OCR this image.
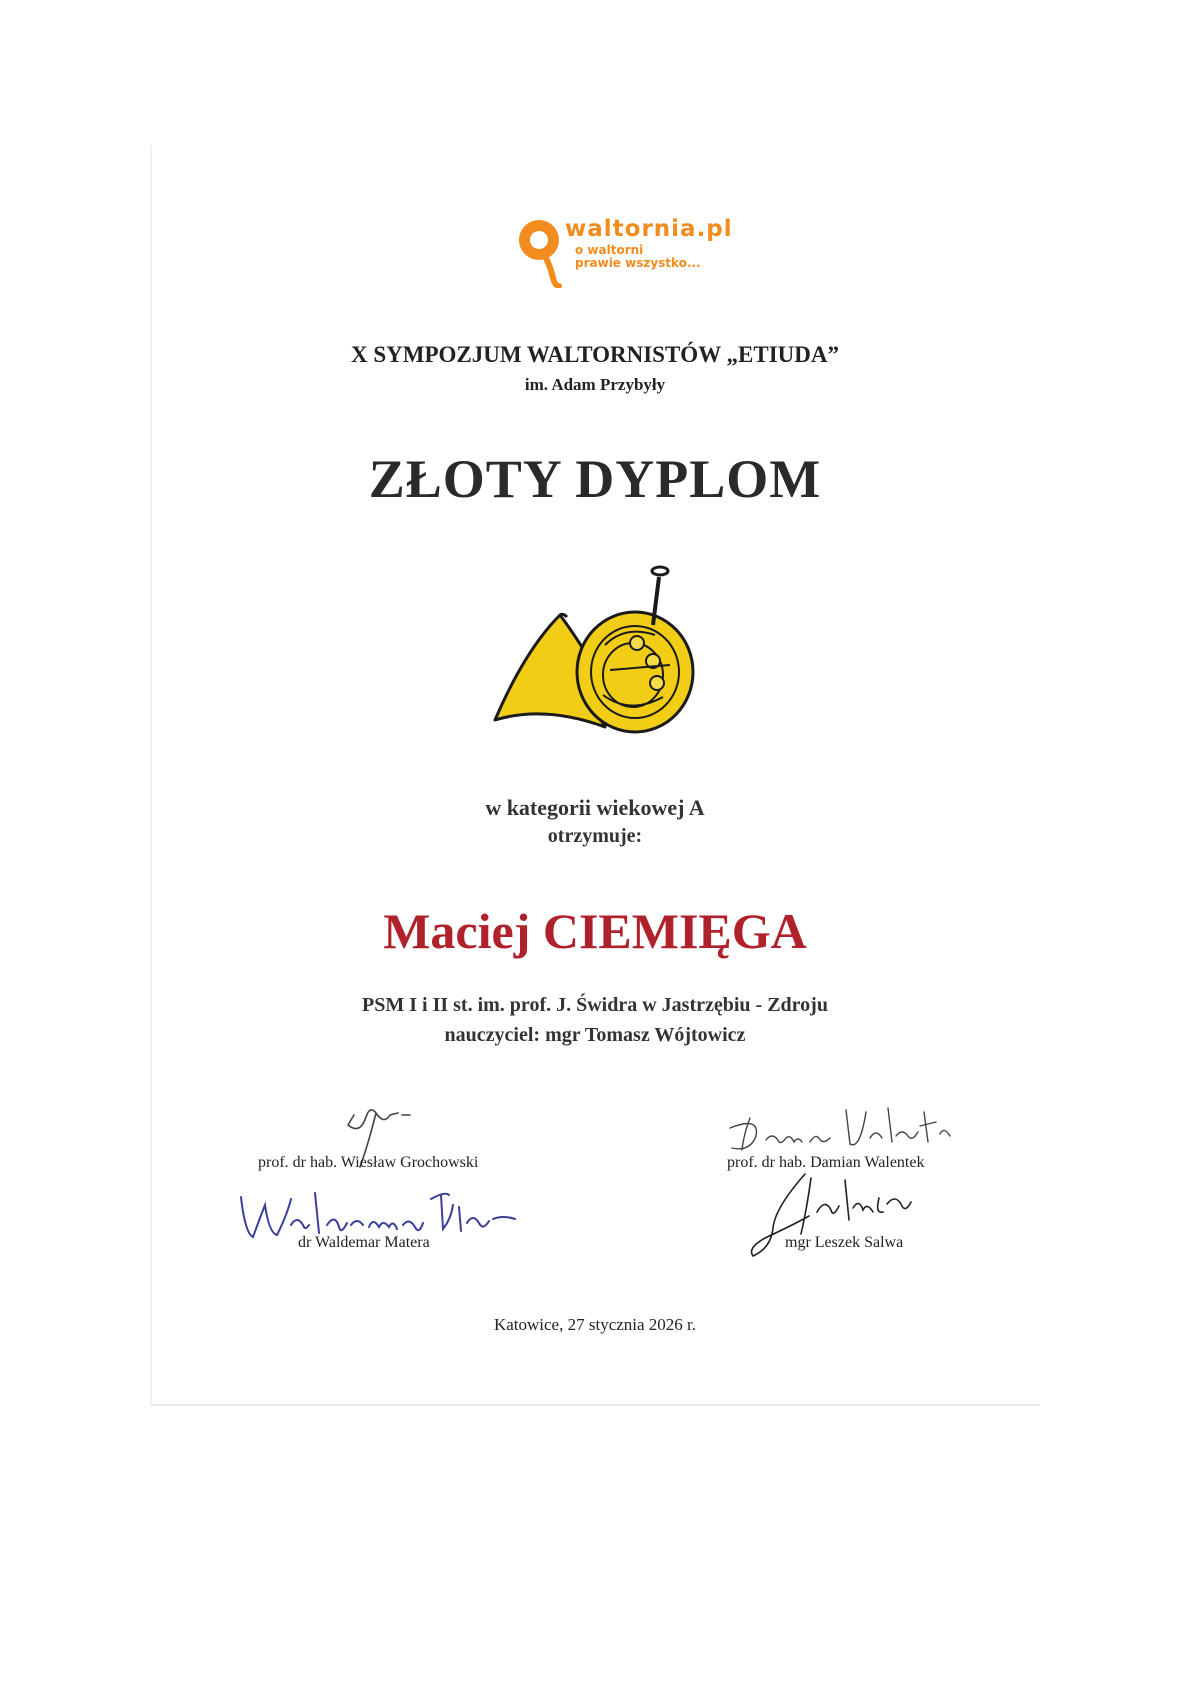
waltornia.pl
o waltorni
prawie wszystko...
X SYMPOZJUM WALTORNISTÓW „ETIUDA”
im. Adam Przybyły
ZŁOTY DYPLOM
w kategorii wiekowej A
otrzymuje:
Maciej CIEMIĘGA
PSM I i II st. im. prof. J. Świdra w Jastrzębiu - Zdroju
nauczyciel: mgr Tomasz Wójtowicz
prof. dr hab. Wiesław Grochowski	prof. dr hab. Damian Walentek
dr Waldemar Matera	mgr Leszek Salwa
Katowice, 27 stycznia 2026 r.
